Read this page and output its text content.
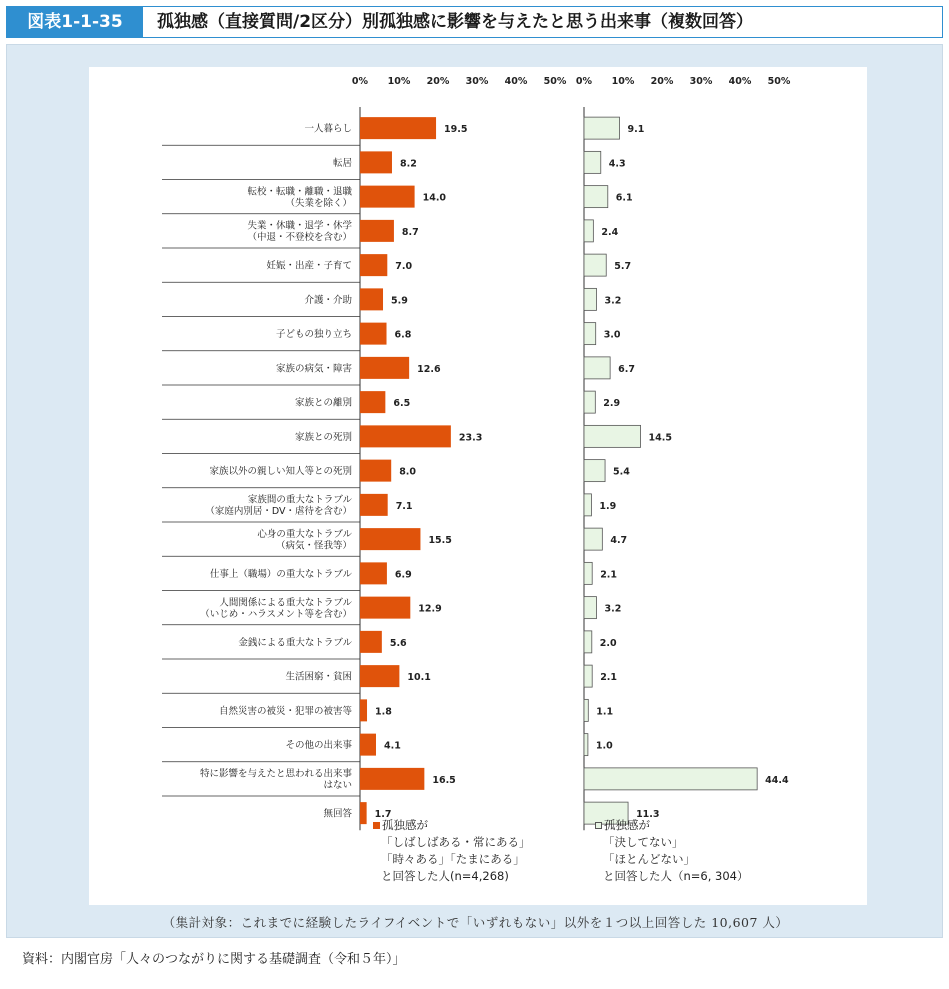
図表1-1-35	孤独感（直接質問/2区分）別孤独感に影響を与えたと思う出来事（複数回答）
0% 10% 20% 30% 40% 50% 0% 10% 20% 30% 40% 50%
一人暮らし
転居
転校・転職・離職・退職（失業を除く）
失業・休職・退学・休学（中退・不登校を含む）
妊娠・出産・子育て
介護・介助
子どもの独り立ち
家族の病気・障害
家族との離別
家族との死別
家族以外の親しい知人等との死別
家族間の重大なトラブル（家庭内別居・DV・虐待を含む）
心身の重大なトラブル（病気・怪我等）
仕事上（職場）の重大なトラブル
人間関係による重大なトラブル（いじめ・ハラスメント等を含む）
金銭による重大なトラブル
生活困窮・貧困
自然災害の被災・犯罪の被害等
その他の出来事
特に影響を与えたと思われる出来事はない
無回答
19.5
8.2
14.0
8.7
7.0
5.9
6.8
12.6
6.5
23.3
8.0
7.1
15.5
6.9
12.9
5.6
10.1
1.8
4.1
16.5
1.7
9.1
4.3
6.1
2.4
5.7
3.2
3.0
6.7
2.9
14.5
5.4
1.9
4.7
2.1
3.2
2.0
2.1
1.1
1.0
44.4
11.3
孤独感が
「しばしばある・常にある」
「時々ある」「たまにある」
と回答した人(n=4,268)
孤独感が
「決してない」
「ほとんどない」
と回答した人（n=6, 304）
（集計対象：これまでに経験したライフイベントで「いずれもない」以外を１つ以上回答した 10,607 人）
資料：内閣官房「人々のつながりに関する基礎調査（令和５年）」
